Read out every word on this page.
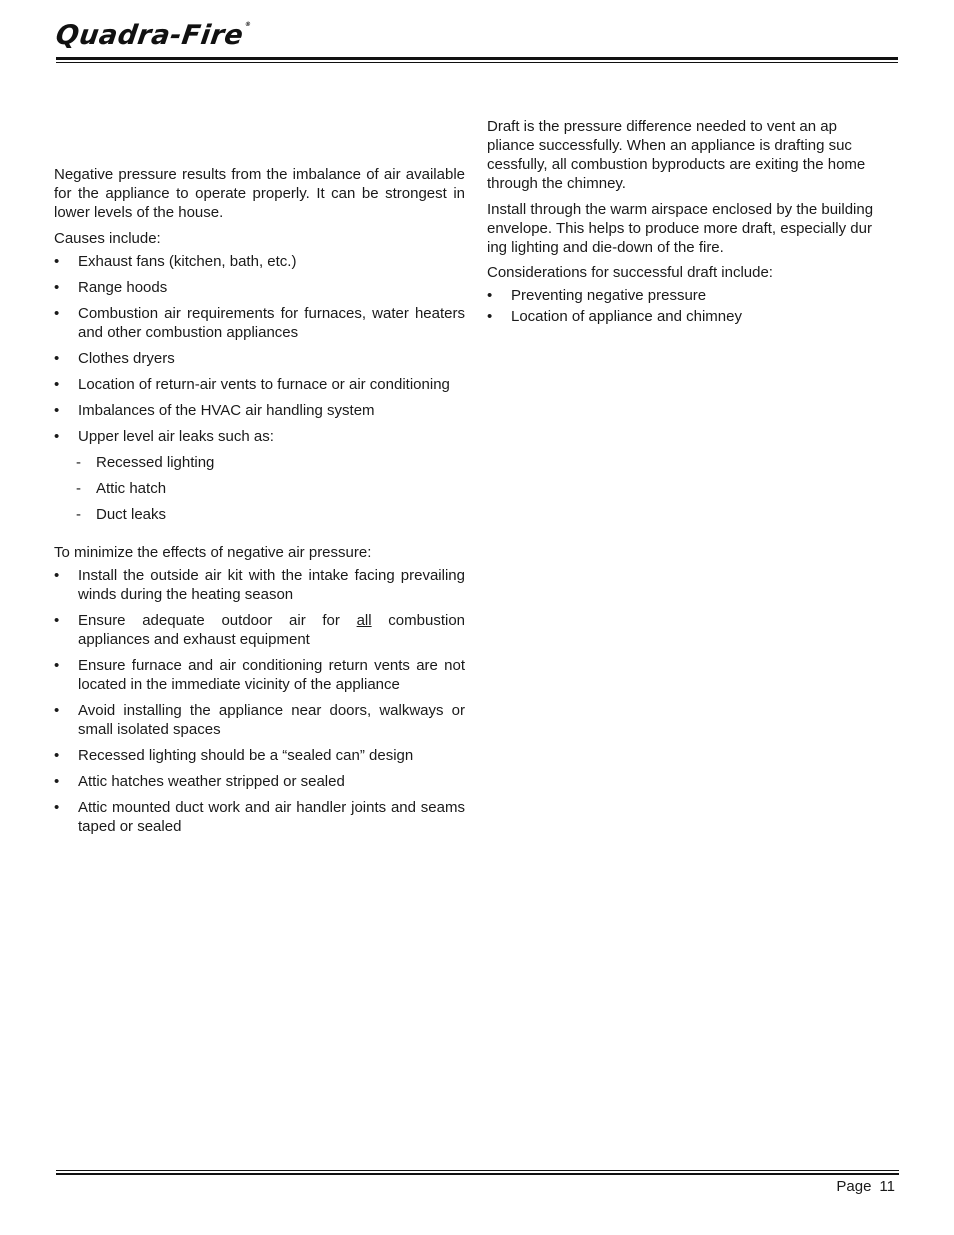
Quadra-Fire®

Negative pressure results from the imbalance of air available for the appliance to operate properly. It can be strongest in lower levels of the house.

Causes include:

• Exhaust fans (kitchen, bath, etc.)
• Range hoods
• Combustion air requirements for furnaces, water heaters and other combustion appliances
• Clothes dryers
• Location of return-air vents to furnace or air conditioning
• Imbalances of the HVAC air handling system
• Upper level air leaks such as:
- Recessed lighting
- Attic hatch
- Duct leaks

To minimize the effects of negative air pressure:

• Install the outside air kit with the intake facing prevailing winds during the heating season
• Ensure adequate outdoor air for all combustion appliances and exhaust equipment
• Ensure furnace and air conditioning return vents are not located in the immediate vicinity of the appliance
• Avoid installing the appliance near doors, walkways or small isolated spaces
• Recessed lighting should be a “sealed can” design
• Attic hatches weather stripped or sealed
• Attic mounted duct work and air handler joints and seams taped or sealed

Draft is the pressure difference needed to vent an ap
pliance successfully. When an appliance is drafting suc
cessfully, all combustion byproducts are exiting the home
through the chimney.

Install through the warm airspace enclosed by the building
envelope. This helps to produce more draft, especially dur
ing lighting and die-down of the fire.

Considerations for successful draft include:

• Preventing negative pressure
• Location of appliance and chimney
Page 11
